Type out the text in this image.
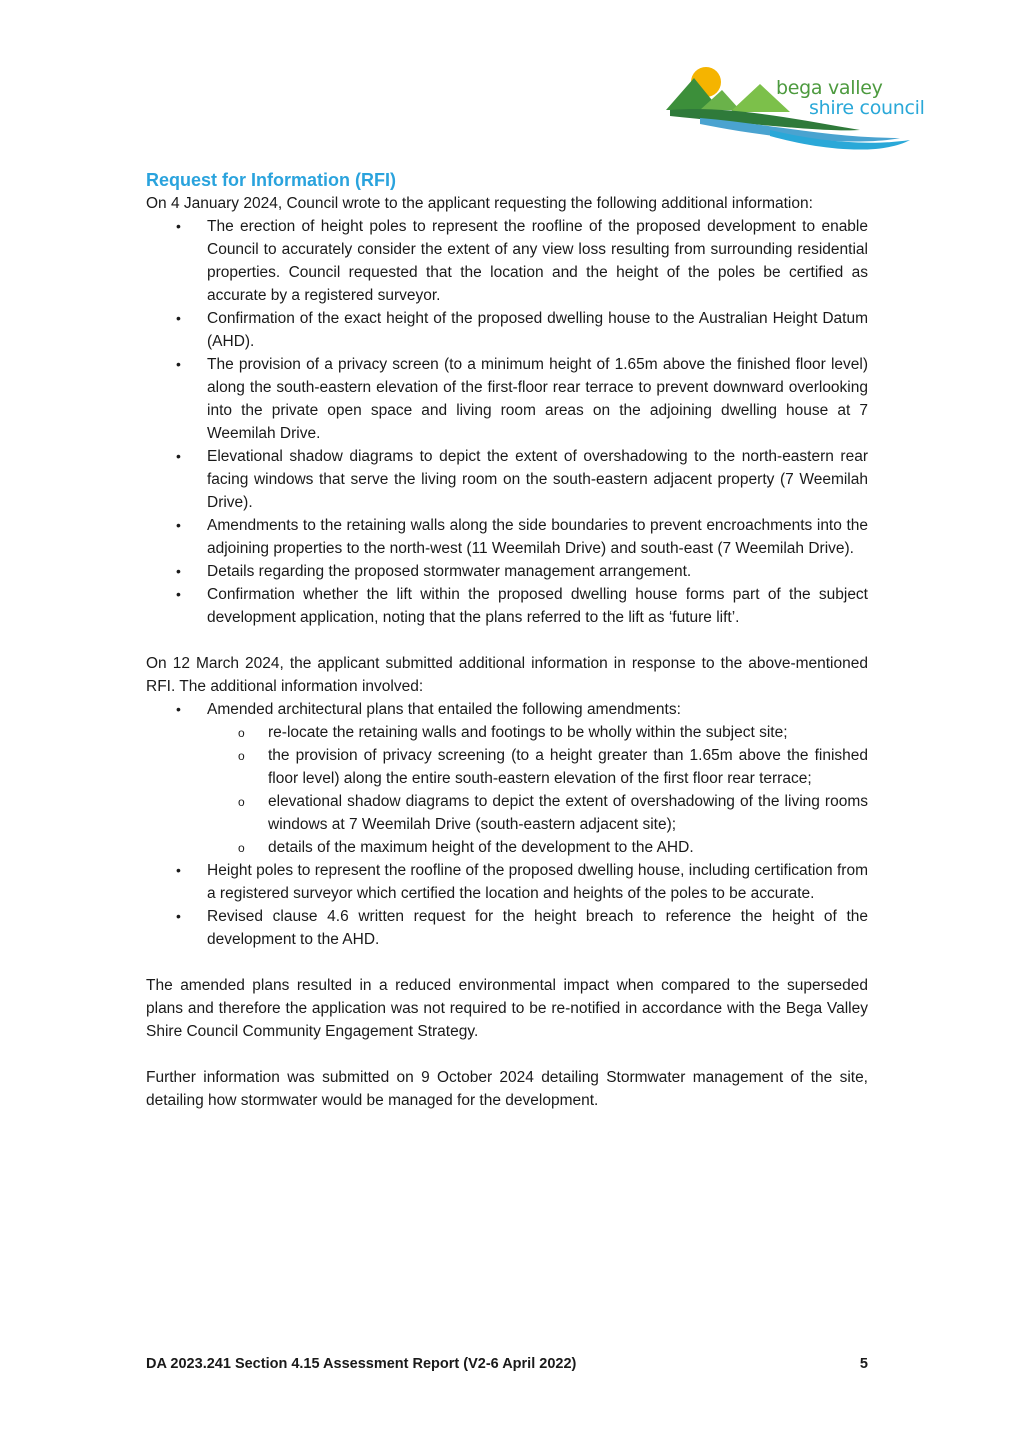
bega valley
shire council
Request for Information (RFI)

On 4 January 2024, Council wrote to the applicant requesting the following additional information:

• The erection of height poles to represent the roofline of the proposed development to enable Council to accurately consider the extent of any view loss resulting from surrounding residential properties. Council requested that the location and the height of the poles be certified as accurate by a registered surveyor.
• Confirmation of the exact height of the proposed dwelling house to the Australian Height Datum (AHD).
• The provision of a privacy screen (to a minimum height of 1.65m above the finished floor level) along the south-eastern elevation of the first-floor rear terrace to prevent downward overlooking into the private open space and living room areas on the adjoining dwelling house at 7 Weemilah Drive.
• Elevational shadow diagrams to depict the extent of overshadowing to the north-eastern rear facing windows that serve the living room on the south-eastern adjacent property (7 Weemilah Drive).
• Amendments to the retaining walls along the side boundaries to prevent encroachments into the adjoining properties to the north-west (11 Weemilah Drive) and south-east (7 Weemilah Drive).
• Details regarding the proposed stormwater management arrangement.
• Confirmation whether the lift within the proposed dwelling house forms part of the subject development application, noting that the plans referred to the lift as ‘future lift’.

On 12 March 2024, the applicant submitted additional information in response to the above-mentioned RFI. The additional information involved:

• Amended architectural plans that entailed the following amendments:
o re-locate the retaining walls and footings to be wholly within the subject site;
o the provision of privacy screening (to a height greater than 1.65m above the finished floor level) along the entire south-eastern elevation of the first floor rear terrace;
o elevational shadow diagrams to depict the extent of overshadowing of the living rooms windows at 7 Weemilah Drive (south-eastern adjacent site);
o details of the maximum height of the development to the AHD.
• Height poles to represent the roofline of the proposed dwelling house, including certification from a registered surveyor which certified the location and heights of the poles to be accurate.
• Revised clause 4.6 written request for the height breach to reference the height of the development to the AHD.

The amended plans resulted in a reduced environmental impact when compared to the superseded plans and therefore the application was not required to be re-notified in accordance with the Bega Valley Shire Council Community Engagement Strategy.

Further information was submitted on 9 October 2024 detailing Stormwater management of the site, detailing how stormwater would be managed for the development.

DA 2023.241 Section 4.15 Assessment Report (V2-6 April 2022)	5
